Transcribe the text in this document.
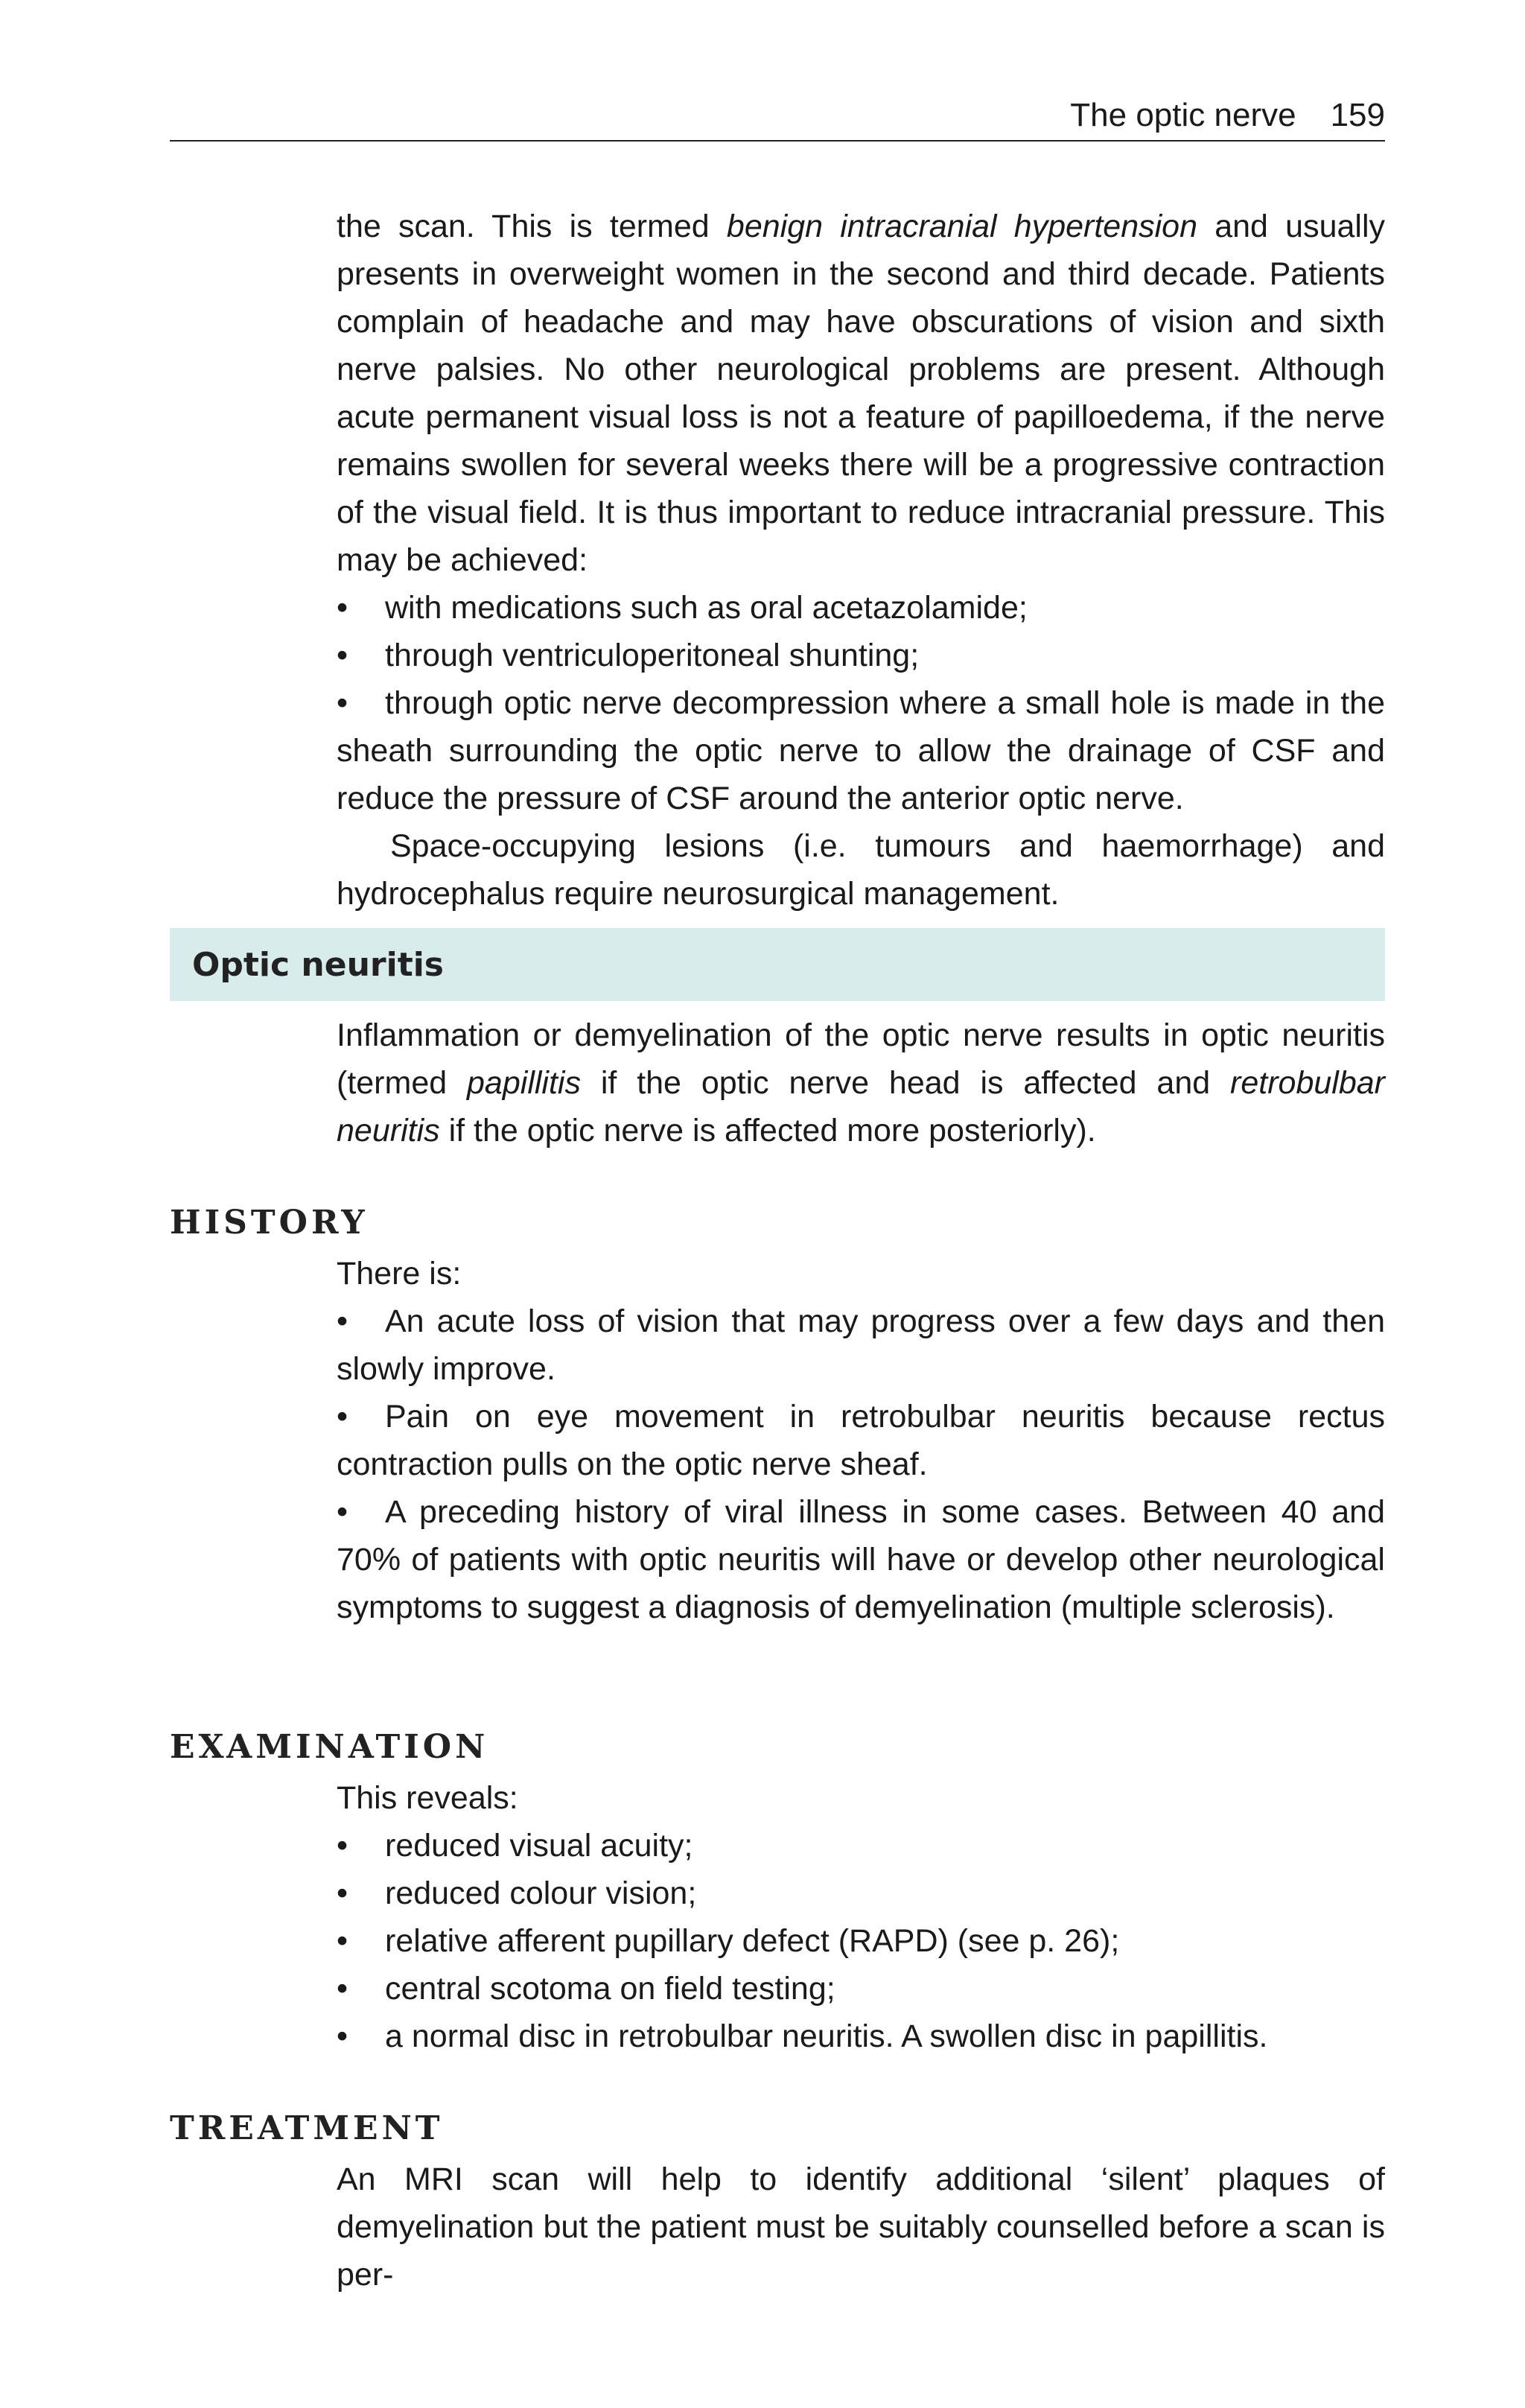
The optic nerve 159

the scan. This is termed benign intracranial hypertension and usually presents in overweight women in the second and third decade. Patients complain of headache and may have obscurations of vision and sixth nerve palsies. No other neurological problems are present. Although acute permanent visual loss is not a feature of papilloedema, if the nerve remains swollen for several weeks there will be a progressive contraction of the visual field. It is thus important to reduce intracranial pressure. This may be achieved:

•	with medications such as oral acetazolamide;
•	through ventriculoperitoneal shunting;

• through optic nerve decompression where a small hole is made in the sheath surrounding the optic nerve to allow the drainage of CSF and reduce the pressure of CSF around the anterior optic nerve.

Space-occupying lesions (i.e. tumours and haemorrhage) and hydrocephalus require neurosurgical management.

Optic neuritis

Inflammation or demyelination of the optic nerve results in optic neuritis (termed papillitis if the optic nerve head is affected and retrobulbar neuritis if the optic nerve is affected more posteriorly).

HISTORY

There is:

• An acute loss of vision that may progress over a few days and then slowly improve.

• Pain on eye movement in retrobulbar neuritis because rectus contraction pulls on the optic nerve sheaf.

• A preceding history of viral illness in some cases. Between 40 and 70% of patients with optic neuritis will have or develop other neurological symptoms to suggest a diagnosis of demyelination (multiple sclerosis).

EXAMINATION

This reveals:

•	reduced visual acuity;
•	reduced colour vision;
•	relative afferent pupillary defect (RAPD) (see p. 26);
•	central scotoma on field testing;
•	a normal disc in retrobulbar neuritis. A swollen disc in papillitis.
TREATMENT

An MRI scan will help to identify additional ‘silent’ plaques of demyelination but the patient must be suitably counselled before a scan is per-
